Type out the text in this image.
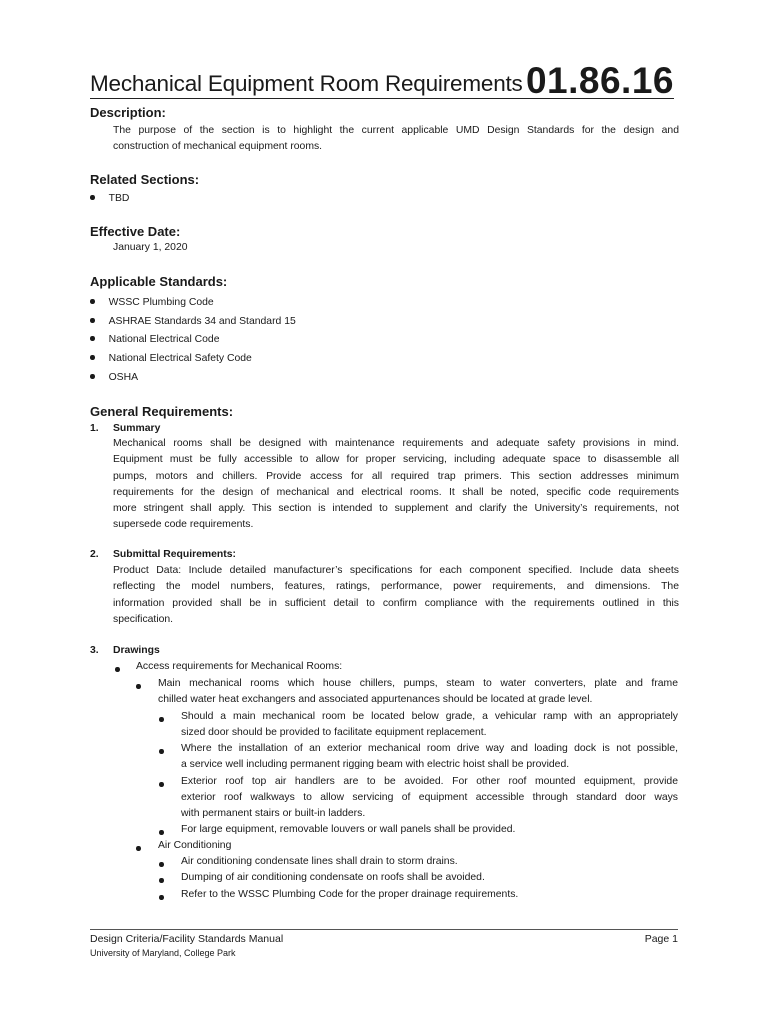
Mechanical Equipment Room Requirements 01.86.16
Description:
The purpose of the section is to highlight the current applicable UMD Design Standards for the design and
construction of mechanical equipment rooms.
Related Sections:
TBD
Effective Date:
January 1, 2020
Applicable Standards:
WSSC Plumbing Code
ASHRAE Standards 34 and Standard 15
National Electrical Code
National Electrical Safety Code
OSHA
General Requirements:
1. Summary
Mechanical rooms shall be designed with maintenance requirements and adequate safety provisions in mind.
Equipment must be fully accessible to allow for proper servicing, including adequate space to disassemble all
pumps, motors and chillers. Provide access for all required trap primers. This section addresses minimum
requirements for the design of mechanical and electrical rooms. It shall be noted, specific code requirements
more stringent shall apply. This section is intended to supplement and clarify the University’s requirements, not
supersede code requirements.
2. Submittal Requirements:
Product Data: Include detailed manufacturer’s specifications for each component specified. Include data sheets
reflecting the model numbers, features, ratings, performance, power requirements, and dimensions. The
information provided shall be in sufficient detail to confirm compliance with the requirements outlined in this
specification.
3. Drawings
Access requirements for Mechanical Rooms:
Main mechanical rooms which house chillers, pumps, steam to water converters, plate and frame
chilled water heat exchangers and associated appurtenances should be located at grade level.
Should a main mechanical room be located below grade, a vehicular ramp with an appropriately
sized door should be provided to facilitate equipment replacement.
Where the installation of an exterior mechanical room drive way and loading dock is not possible,
a service well including permanent rigging beam with electric hoist shall be provided.
Exterior roof top air handlers are to be avoided. For other roof mounted equipment, provide
exterior roof walkways to allow servicing of equipment accessible through standard door ways
with permanent stairs or built-in ladders.
For large equipment, removable louvers or wall panels shall be provided.
Air Conditioning
Air conditioning condensate lines shall drain to storm drains.
Dumping of air conditioning condensate on roofs shall be avoided.
Refer to the WSSC Plumbing Code for the proper drainage requirements.
Design Criteria/Facility Standards Manual
University of Maryland, College Park
Page 1
